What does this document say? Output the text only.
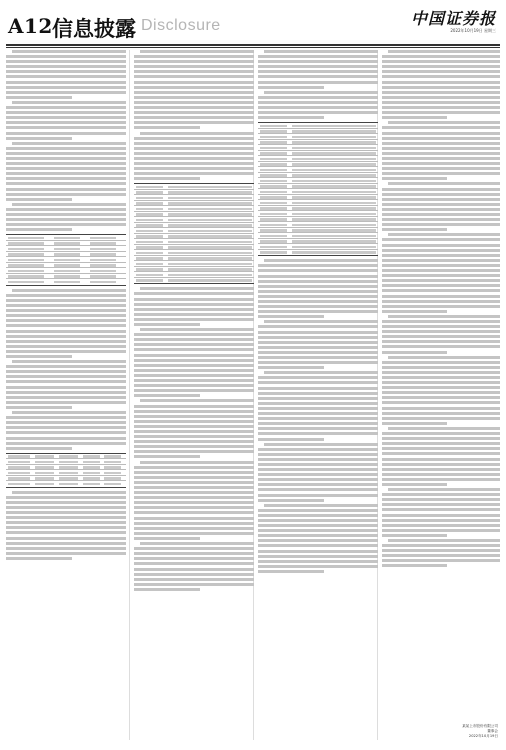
A12 信息披露 Disclosure	中国证券报
2022年10月19日 星期三
某某上市股份有限公司
董事会
2022年10月19日
